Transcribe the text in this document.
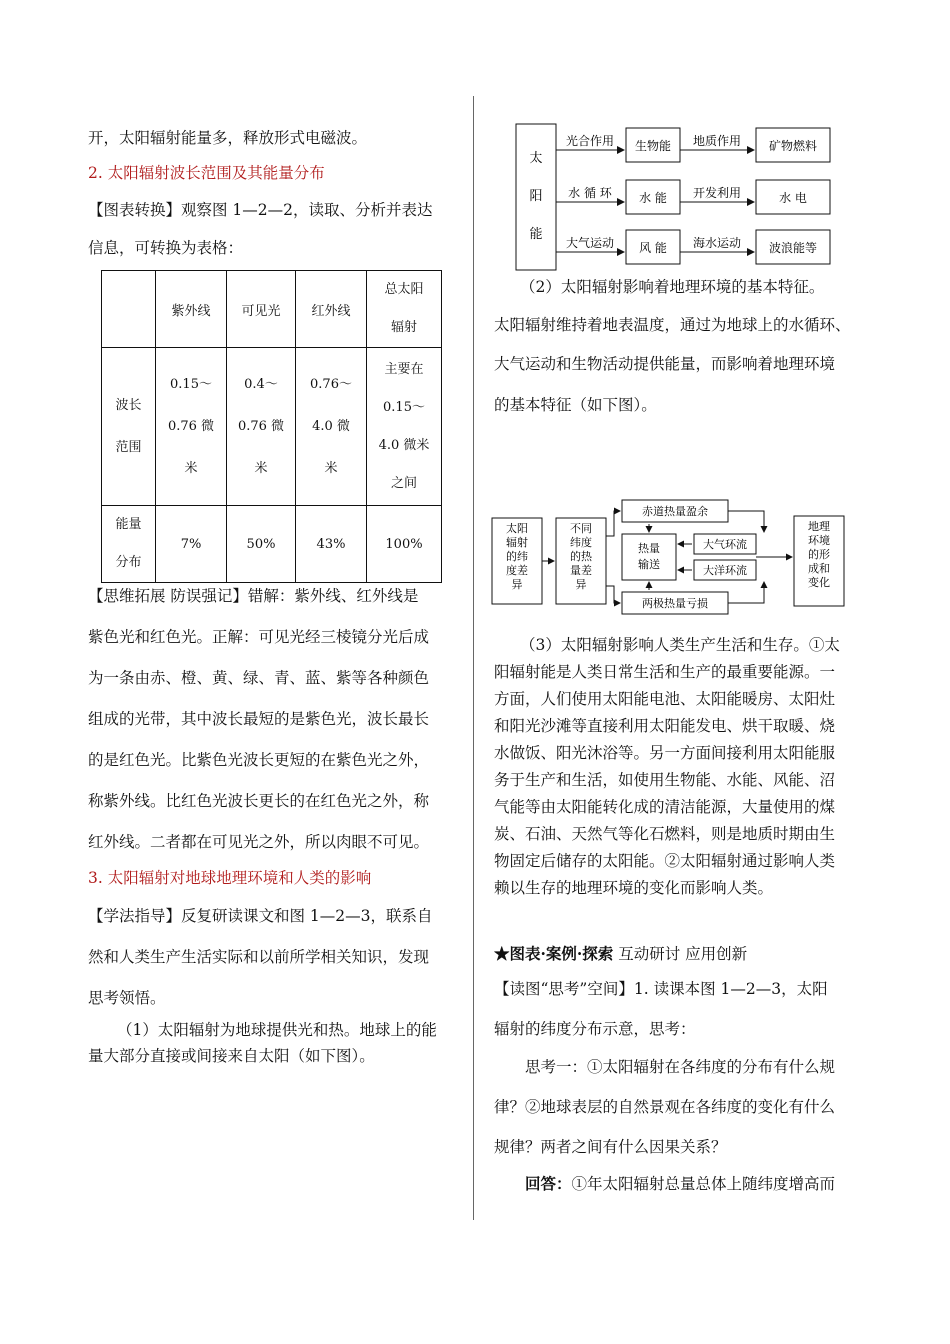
开，太阳辐射能量多，释放形式电磁波。
2. 太阳辐射波长范围及其能量分布
【图表转换】观察图 1—2—2，读取、分析并表达
信息，可转换为表格：
	紫外线	可见光	红外线	总太阳
辐射

波长
范围	0.15～
0.76 微
米	0.4～
0.76 微
米	0.76～
4.0 微
米	主要在
0.15～
4.0 微米
之间

能量
分布	7%	50%	43%	100%
【思维拓展 防误强记】错解：紫外线、红外线是
紫色光和红色光。正解：可见光经三棱镜分光后成
为一条由赤、橙、黄、绿、青、蓝、紫等各种颜色
组成的光带，其中波长最短的是紫色光，波长最长
的是红色光。比紫色光波长更短的在紫色光之外，
称紫外线。比红色光波长更长的在红色光之外，称
红外线。二者都在可见光之外，所以肉眼不可见。
3. 太阳辐射对地球地理环境和人类的影响
【学法指导】反复研读课文和图 1—2—3，联系自
然和人类生产生活实际和以前所学相关知识，发现
思考领悟。
（1）太阳辐射为地球提供光和热。地球上的能
量大部分直接或间接来自太阳（如下图）。
太
阳
能
光合作用 生物能 地质作用 矿物燃料
水 循 环 水 能 开发利用	水 电
大气运动 风 能 海水运动 波浪能等
（2）太阳辐射影响着地理环境的基本特征。
太阳辐射维持着地表温度，通过为地球上的水循环、
大气运动和生物活动提供能量，而影响着地理环境
的基本特征（如下图）。
太阳辐射的纬度差异
不同纬度的热量差异
赤道热量盈余
两极热量亏损
热量
输送
大气环流
大洋环流
地理环境的形成和变化
（3）太阳辐射影响人类生产生活和生存。①太
阳辐射能是人类日常生活和生产的最重要能源。一
方面，人们使用太阳能电池、太阳能暖房、太阳灶
和阳光沙滩等直接利用太阳能发电、烘干取暖、烧
水做饭、阳光沐浴等。另一方面间接利用太阳能服
务于生产和生活，如使用生物能、水能、风能、沼
气能等由太阳能转化成的清洁能源，大量使用的煤
炭、石油、天然气等化石燃料，则是地质时期由生
物固定后储存的太阳能。②太阳辐射通过影响人类
赖以生存的地理环境的变化而影响人类。
★图表·案例·探索 互动研讨 应用创新
【读图“思考”空间】1. 读课本图 1—2—3，太阳
辐射的纬度分布示意，思考：
思考一：①太阳辐射在各纬度的分布有什么规
律？②地球表层的自然景观在各纬度的变化有什么
规律？两者之间有什么因果关系？
回答：①年太阳辐射总量总体上随纬度增高而
